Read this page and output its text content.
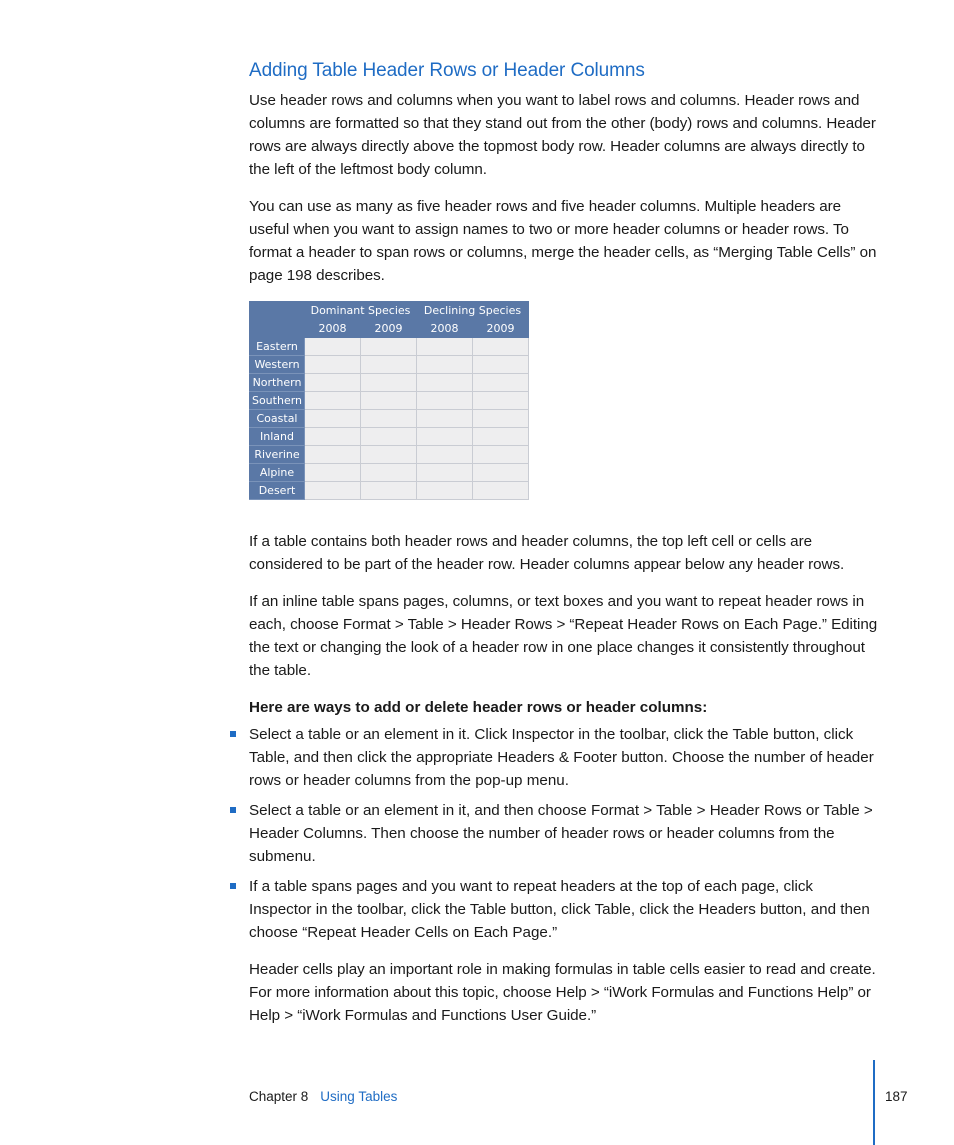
Adding Table Header Rows or Header Columns

Use header rows and columns when you want to label rows and columns. Header rows and columns are formatted so that they stand out from the other (body) rows and columns. Header rows are always directly above the topmost body row. Header columns are always directly to the left of the leftmost body column.

You can use as many as five header rows and five header columns. Multiple headers are useful when you want to assign names to two or more header columns or header rows. To format a header to span rows or columns, merge the header cells, as “Merging Table Cells” on page 198 describes.

	Dominant Species		Declining Species	
	2008	2009	2008	2009
Eastern				
Western				
Northern				
Southern				
Coastal				
Inland				
Riverine				
Alpine				
Desert				

If a table contains both header rows and header columns, the top left cell or cells are considered to be part of the header row. Header columns appear below any header rows.

If an inline table spans pages, columns, or text boxes and you want to repeat header rows in each, choose Format > Table > Header Rows > “Repeat Header Rows on Each Page.” Editing the text or changing the look of a header row in one place changes it consistently throughout the table.

Here are ways to add or delete header rows or header columns:
Select a table or an element in it. Click Inspector in the toolbar, click the Table button, click Table, and then click the appropriate Headers & Footer button. Choose the number of header rows or header columns from the pop-up menu.
Select a table or an element in it, and then choose Format > Table > Header Rows or Table > Header Columns. Then choose the number of header rows or header columns from the submenu.
If a table spans pages and you want to repeat headers at the top of each page, click Inspector in the toolbar, click the Table button, click Table, click the Headers button, and then choose “Repeat Header Cells on Each Page.”

Header cells play an important role in making formulas in table cells easier to read and create. For more information about this topic, choose Help > “iWork Formulas and Functions Help” or Help > “iWork Formulas and Functions User Guide.”

Chapter 8 Using Tables	187
